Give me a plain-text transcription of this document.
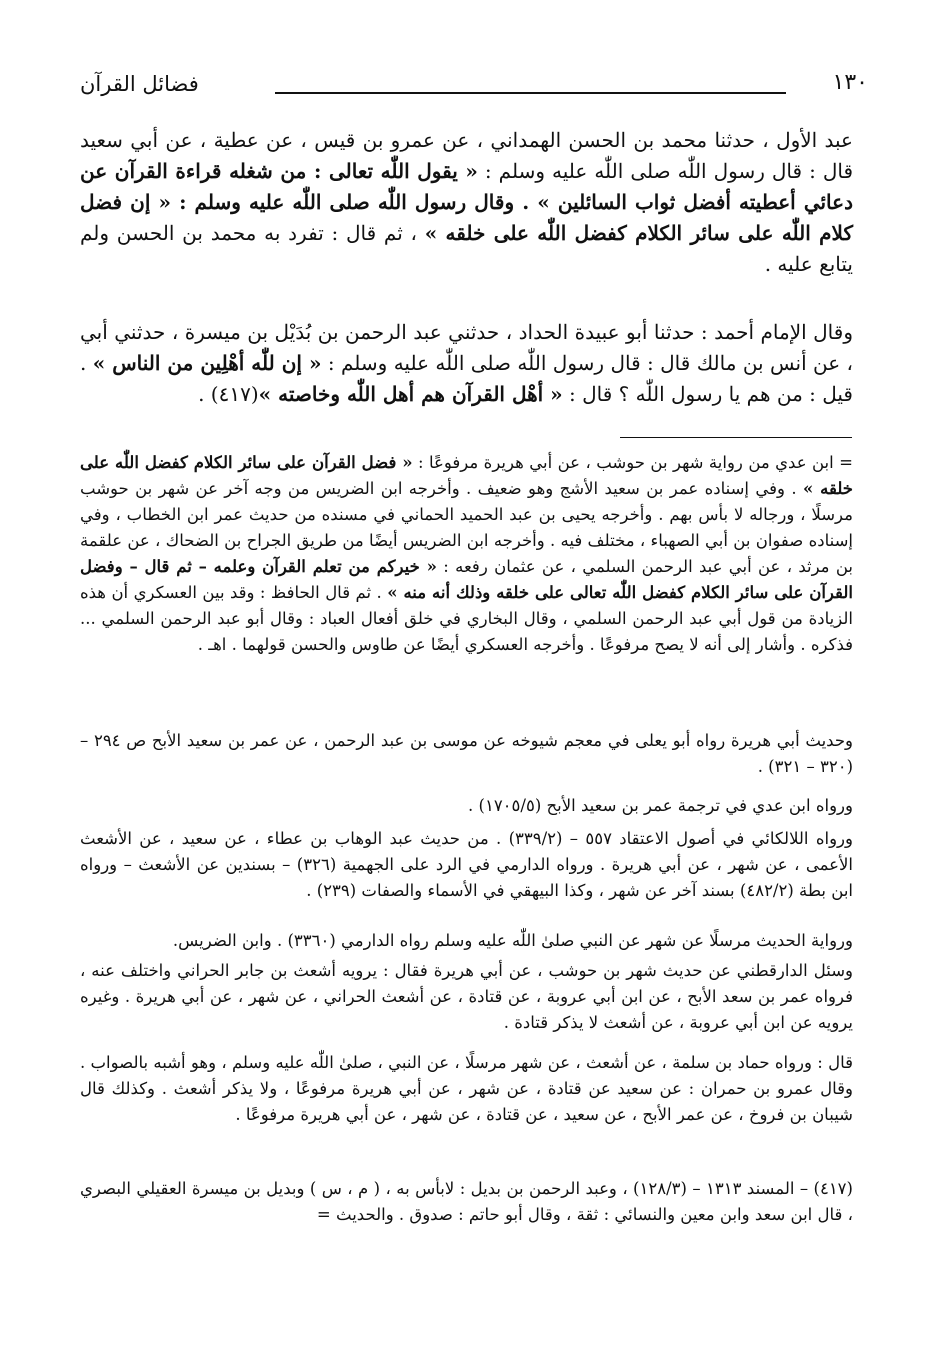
١٣٠
فضائل القرآن

عبد الأول ، حدثنا محمد بن الحسن الهمداني ، عن عمرو بن قيس ، عن عطية ، عن أبي سعيد قال : قال رسول اللّٰه صلى اللّٰه عليه وسلم : « يقول اللّٰه تعالى : من شغله قراءة القرآن عن دعائي أعطيته أفضل ثواب السائلين » . وقال رسول اللّٰه صلى اللّٰه عليه وسلم : « إن فضل كلام اللّٰه على سائر الكلام كفضل اللّٰه على خلقه » ، ثم قال : تفرد به محمد بن الحسن ولم يتابع عليه .

وقال الإمام أحمد : حدثنا أبو عبيدة الحداد ، حدثني عبد الرحمن بن بُدَيْل بن ميسرة ، حدثني أبي ، عن أنس بن مالك قال : قال رسول اللّٰه صلى اللّٰه عليه وسلم : « إن للّٰه أهْلِين من الناس » . قيل : من هم يا رسول اللّٰه ؟ قال : « أهْل القرآن هم أهل اللّٰه وخاصته »(٤١٧) .

= ابن عدي من رواية شهر بن حوشب ، عن أبي هريرة مرفوعًا : « فضل القرآن على سائر الكلام كفضل اللّٰه على خلقه » . وفي إسناده عمر بن سعيد الأشج وهو ضعيف . وأخرجه ابن الضريس من وجه آخر عن شهر بن حوشب مرسلًا ، ورجاله لا بأس بهم . وأخرجه يحيى بن عبد الحميد الحماني في مسنده من حديث عمر ابن الخطاب ، وفي إسناده صفوان بن أبي الصهباء ، مختلف فيه . وأخرجه ابن الضريس أيضًا من طريق الجراح بن الضحاك ، عن علقمة بن مرثد ، عن أبي عبد الرحمن السلمي ، عن عثمان رفعه : « خيركم من تعلم القرآن وعلمه – ثم قال – وفضل القرآن على سائر الكلام كفضل اللّٰه تعالى على خلقه وذلك أنه منه » . ثم قال الحافظ : وقد بين العسكري أن هذه الزيادة من قول أبي عبد الرحمن السلمي ، وقال البخاري في خلق أفعال العباد : وقال أبو عبد الرحمن السلمي ... فذكره . وأشار إلى أنه لا يصح مرفوعًا . وأخرجه العسكري أيضًا عن طاوس والحسن قولهما . اهـ .

وحديث أبي هريرة رواه أبو يعلى في معجم شيوخه عن موسى بن عبد الرحمن ، عن عمر بن سعيد الأبح ص ٢٩٤ – (٣٢٠ – ٣٢١) .

ورواه ابن عدي في ترجمة عمر بن سعيد الأبح (١٧٠٥/٥) .

ورواه اللالكائي في أصول الاعتقاد ٥٥٧ – (٣٣٩/٢) . من حديث عبد الوهاب بن عطاء ، عن سعيد ، عن الأشعث الأعمى ، عن شهر ، عن أبي هريرة . ورواه الدارمي في الرد على الجهمية (٣٢٦) – بسندين عن الأشعث – ورواه ابن بطة (٤٨٢/٢) بسند آخر عن شهر ، وكذا البيهقي في الأسماء والصفات (٢٣٩) .

ورواية الحديث مرسلًا عن شهر عن النبي صلىٰ اللّٰه عليه وسلم رواه الدارمي (٣٣٦٠) . وابن الضريس.

وسئل الدارقطني عن حديث شهر بن حوشب ، عن أبي هريرة فقال : يرويه أشعث بن جابر الحراني واختلف عنه ، فرواه عمر بن سعد الأبح ، عن ابن أبي عروبة ، عن قتادة ، عن أشعث الحراني ، عن شهر ، عن أبي هريرة . وغيره يرويه عن ابن أبي عروبة ، عن أشعث لا يذكر قتادة .

قال : ورواه حماد بن سلمة ، عن أشعث ، عن شهر مرسلًا ، عن النبي ، صلىٰ اللّٰه عليه وسلم ، وهو أشبه بالصواب . وقال عمرو بن حمران : عن سعيد عن قتادة ، عن شهر ، عن أبي هريرة مرفوعًا ، ولا يذكر أشعث . وكذلك قال شيبان بن فروخ ، عن عمر الأبح ، عن سعيد ، عن قتادة ، عن شهر ، عن أبي هريرة مرفوعًا .

(٤١٧) – المسند ١٣١٣ – (١٢٨/٣) ، وعبد الرحمن بن بديل : لابأس به ، ( م ، س ) وبديل بن ميسرة العقيلي البصري ، قال ابن سعد وابن معين والنسائي : ثقة ، وقال أبو حاتم : صدوق . والحديث =
